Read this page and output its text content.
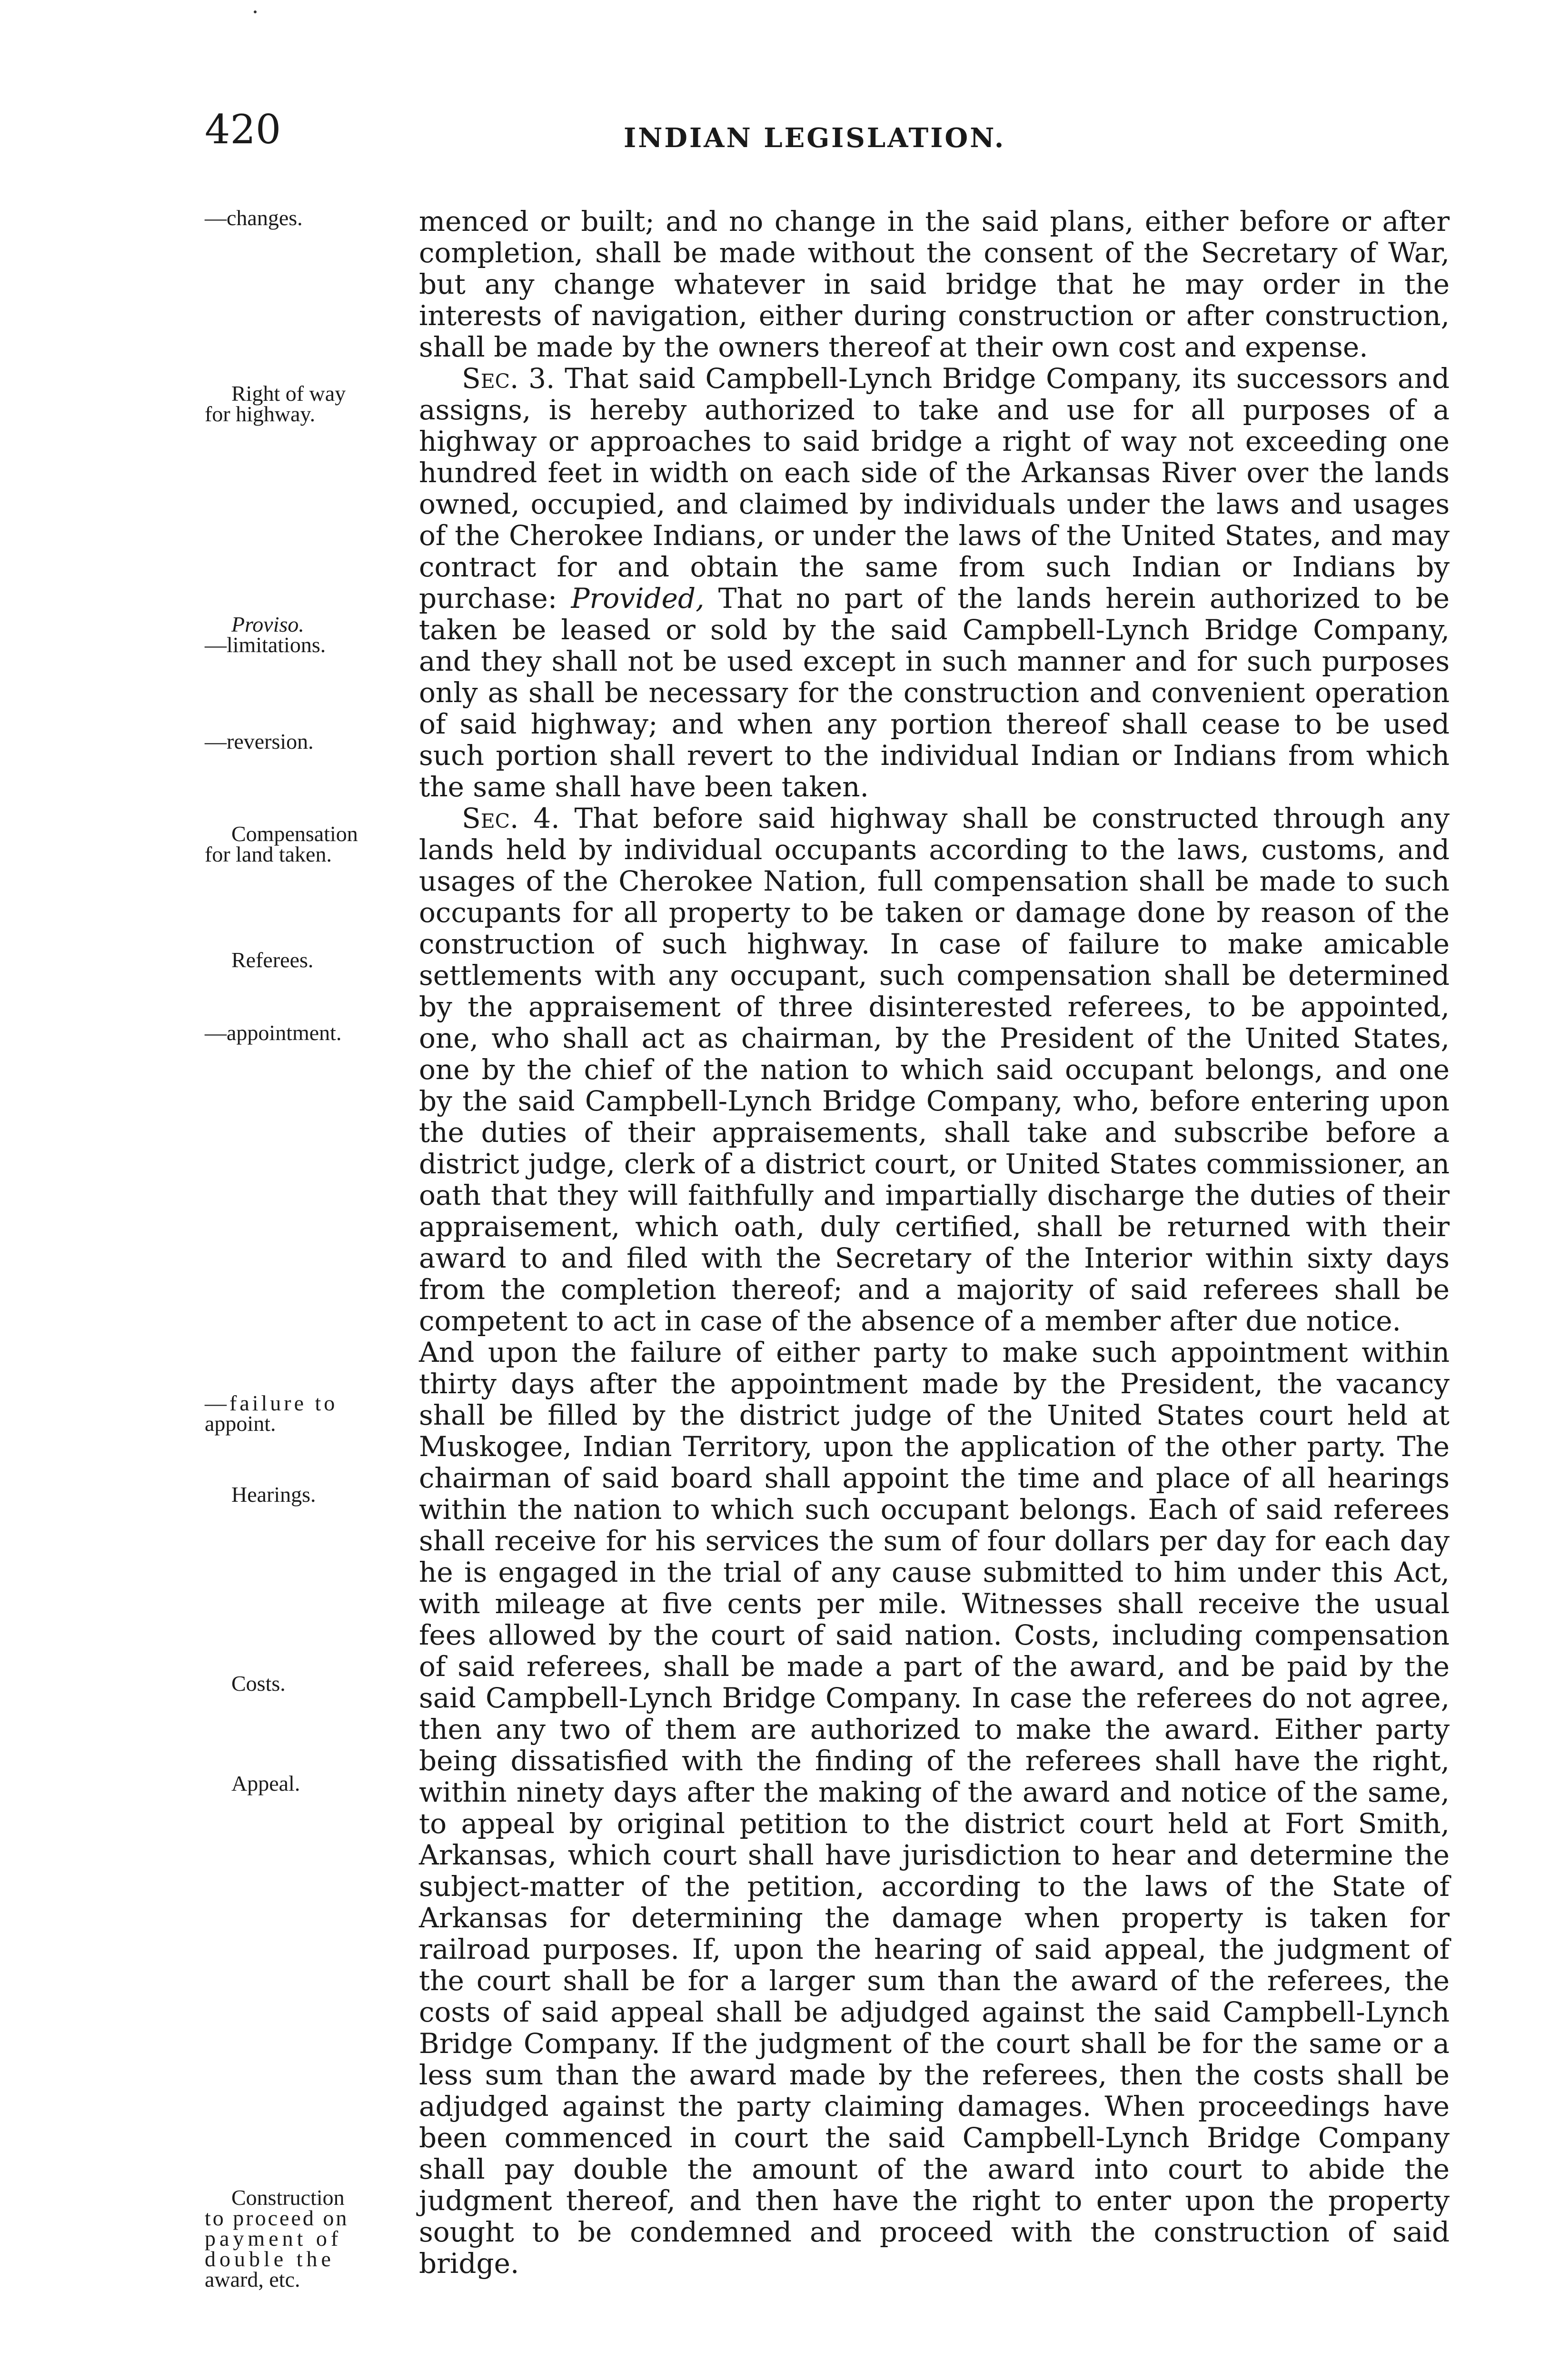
420	INDIAN LEGISLATION.
—changes.
Right of way
for highway.
Proviso.
—limitations.
—reversion.
Compensation
for land taken.
Referees.
—appointment.
—failure to
appoint.
Hearings.
Costs.
Appeal.
Construction
to proceed on
payment of
double the
award, etc.

menced or built; and no change in the said plans, either before or after completion, shall be made without the consent of the Secretary of War, but any change whatever in said bridge that he may order in the interests of navigation, either during construction or after construction, shall be made by the owners thereof at their own cost and expense.

Sec. 3. That said Campbell-Lynch Bridge Company, its successors and assigns, is hereby authorized to take and use for all purposes of a highway or approaches to said bridge a right of way not exceeding one hundred feet in width on each side of the Arkansas River over the lands owned, occupied, and claimed by individuals under the laws and usages of the Cherokee Indians, or under the laws of the United States, and may contract for and obtain the same from such Indian or Indians by purchase: Provided, That no part of the lands herein authorized to be taken be leased or sold by the said Campbell-Lynch Bridge Company, and they shall not be used except in such manner and for such purposes only as shall be necessary for the construction and convenient operation of said highway; and when any portion thereof shall cease to be used such portion shall revert to the individual Indian or Indians from which the same shall have been taken.

Sec. 4. That before said highway shall be constructed through any lands held by individual occupants according to the laws, customs, and usages of the Cherokee Nation, full compensation shall be made to such occupants for all property to be taken or damage done by reason of the construction of such highway. In case of failure to make amicable settlements with any occupant, such compensation shall be determined by the appraisement of three disinterested referees, to be appointed, one, who shall act as chairman, by the President of the United States, one by the chief of the nation to which said occupant belongs, and one by the said Campbell-Lynch Bridge Company, who, before entering upon the duties of their appraisements, shall take and subscribe before a district judge, clerk of a district court, or United States commissioner, an oath that they will faithfully and impartially discharge the duties of their appraisement, which oath, duly certified, shall be returned with their award to and filed with the Secretary of the Interior within sixty days from the completion thereof; and a majority of said referees shall be competent to act in case of the absence of a member after due notice.

And upon the failure of either party to make such appointment within thirty days after the appointment made by the President, the vacancy shall be filled by the district judge of the United States court held at Muskogee, Indian Territory, upon the application of the other party. The chairman of said board shall appoint the time and place of all hearings within the nation to which such occupant belongs. Each of said referees shall receive for his services the sum of four dollars per day for each day he is engaged in the trial of any cause submitted to him under this Act, with mileage at five cents per mile. Witnesses shall receive the usual fees allowed by the court of said nation. Costs, including compensation of said referees, shall be made a part of the award, and be paid by the said Campbell-Lynch Bridge Company. In case the referees do not agree, then any two of them are authorized to make the award. Either party being dissatisfied with the finding of the referees shall have the right, within ninety days after the making of the award and notice of the same, to appeal by original petition to the district court held at Fort Smith, Arkansas, which court shall have jurisdiction to hear and determine the subject-matter of the petition, according to the laws of the State of Arkansas for determining the damage when property is taken for railroad purposes. If, upon the hearing of said appeal, the judgment of the court shall be for a larger sum than the award of the referees, the costs of said appeal shall be adjudged against the said Campbell-Lynch Bridge Company. If the judgment of the court shall be for the same or a less sum than the award made by the referees, then the costs shall be adjudged against the party claiming damages. When proceedings have been commenced in court the said Campbell-Lynch Bridge Company shall pay double the amount of the award into court to abide the judgment thereof, and then have the right to enter upon the property sought to be condemned and proceed with the construction of said bridge.
